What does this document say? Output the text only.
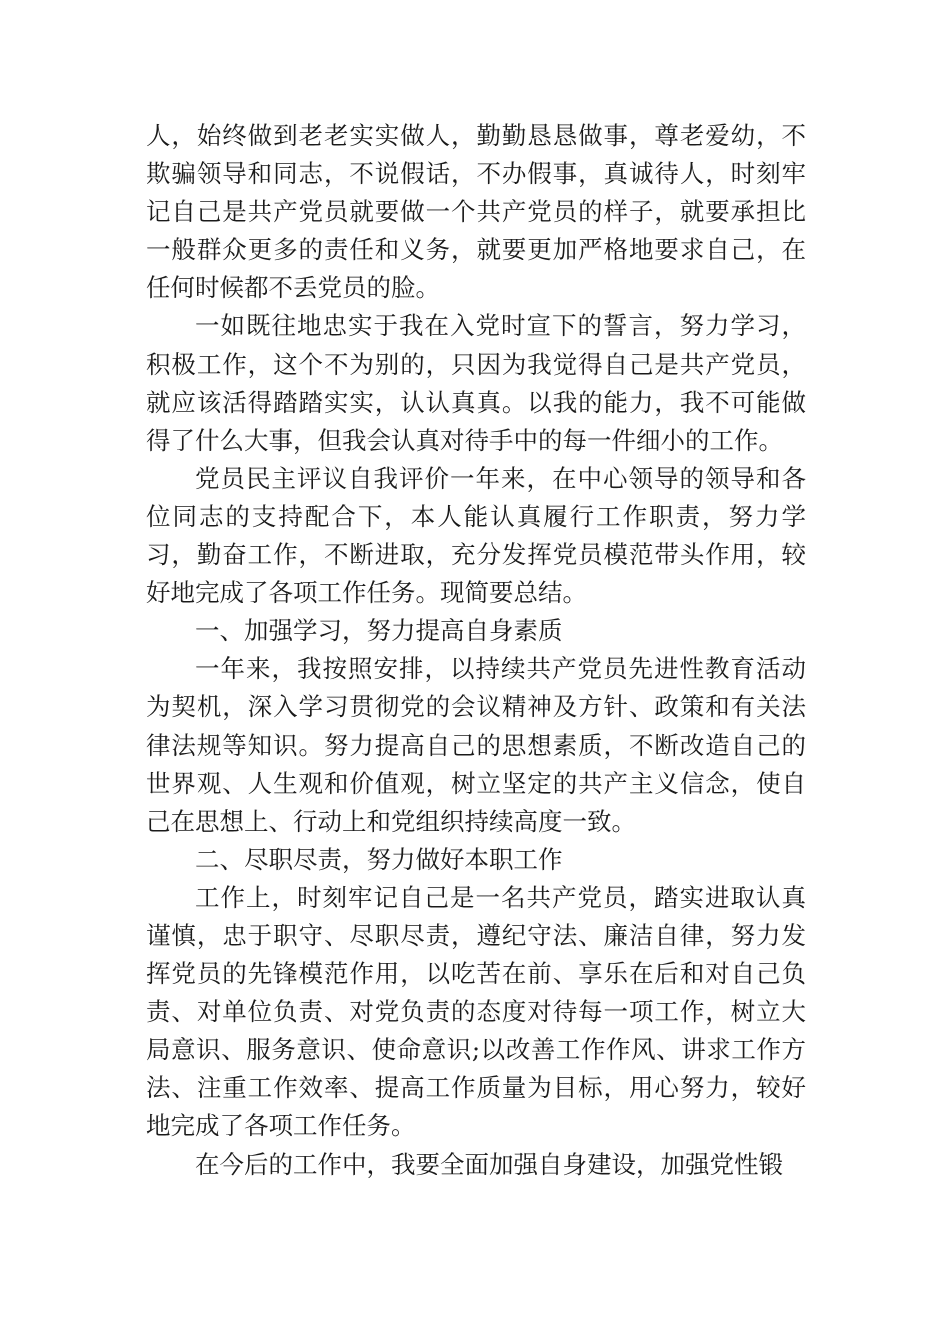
人，始终做到老老实实做人，勤勤恳恳做事，尊老爱幼，不欺骗领导和同志，不说假话，不办假事，真诚待人，时刻牢记自己是共产党员就要做一个共产党员的样子，就要承担比一般群众更多的责任和义务，就要更加严格地要求自己，在任何时候都不丢党员的脸。

一如既往地忠实于我在入党时宣下的誓言，努力学习，积极工作，这个不为别的，只因为我觉得自己是共产党员，就应该活得踏踏实实，认认真真。以我的能力，我不可能做得了什么大事，但我会认真对待手中的每一件细小的工作。

党员民主评议自我评价一年来，在中心领导的领导和各位同志的支持配合下，本人能认真履行工作职责，努力学习，勤奋工作，不断进取，充分发挥党员模范带头作用，较好地完成了各项工作任务。现简要总结。

一、加强学习，努力提高自身素质

一年来，我按照安排，以持续共产党员先进性教育活动为契机，深入学习贯彻党的会议精神及方针、政策和有关法律法规等知识。努力提高自己的思想素质，不断改造自己的世界观、人生观和价值观，树立坚定的共产主义信念，使自己在思想上、行动上和党组织持续高度一致。

二、尽职尽责，努力做好本职工作

工作上，时刻牢记自己是一名共产党员，踏实进取认真谨慎，忠于职守、尽职尽责，遵纪守法、廉洁自律，努力发挥党员的先锋模范作用，以吃苦在前、享乐在后和对自己负责、对单位负责、对党负责的态度对待每一项工作，树立大局意识、服务意识、使命意识;以改善工作作风、讲求工作方法、注重工作效率、提高工作质量为目标，用心努力，较好地完成了各项工作任务。

在今后的工作中，我要全面加强自身建设，加强党性锻
